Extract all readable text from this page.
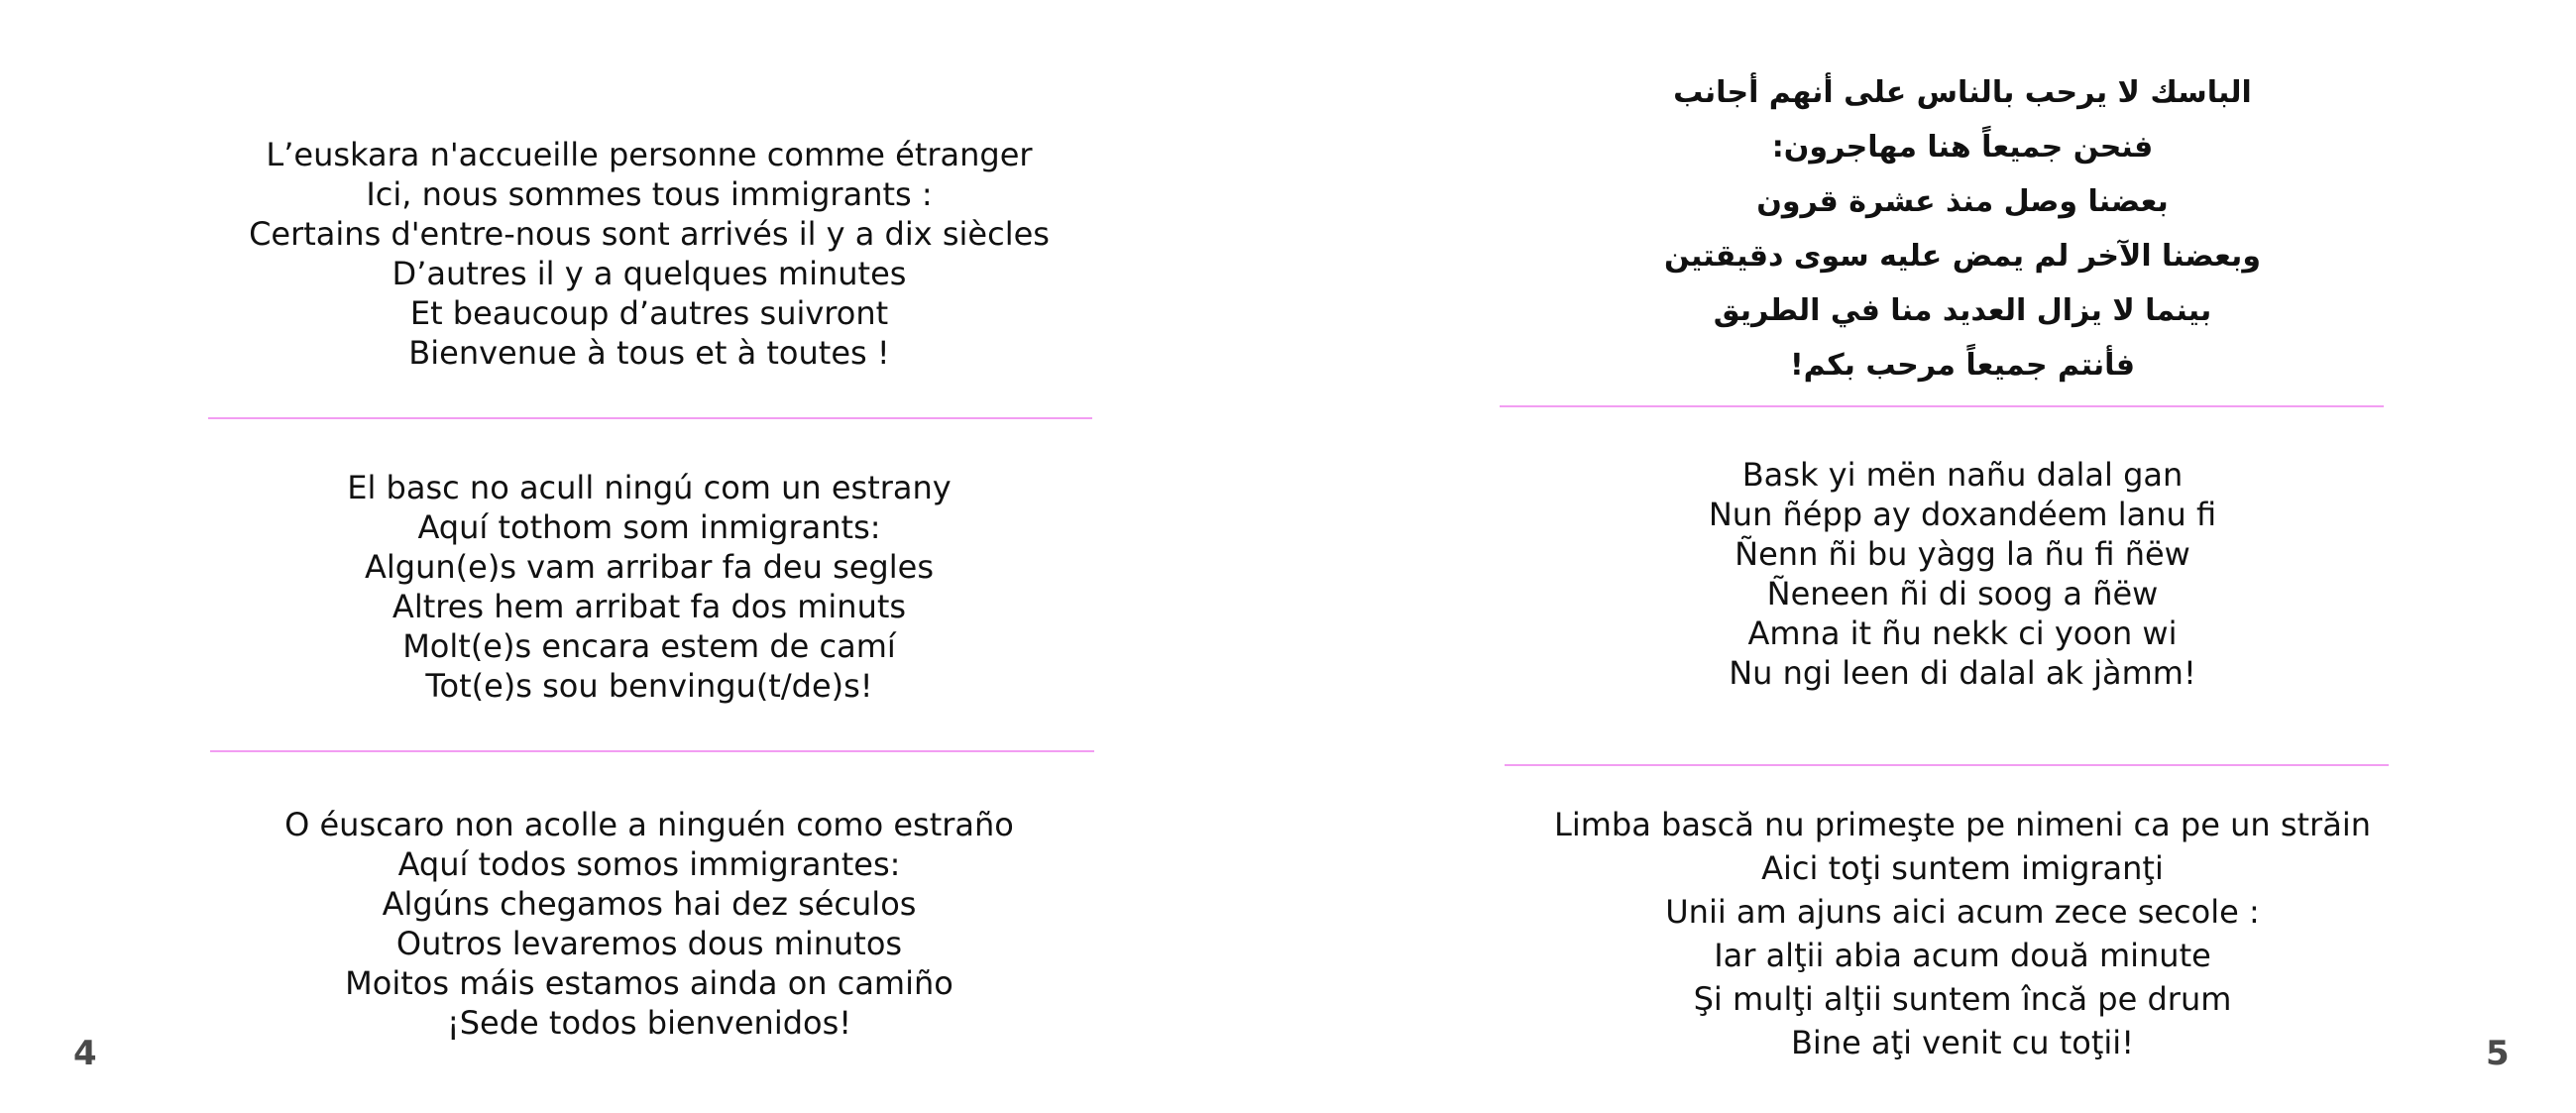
L’euskara n'accueille personne comme étranger
Ici, nous sommes tous immigrants :
Certains d'entre-nous sont arrivés il y a dix siècles
D’autres il y a quelques minutes
Et beaucoup d’autres suivront
Bienvenue à tous et à toutes !
El basc no acull ningú com un estrany
Aquí tothom som inmigrants:
Algun(e)s vam arribar fa deu segles
Altres hem arribat fa dos minuts
Molt(e)s encara estem de camí
Tot(e)s sou benvingu(t/de)s!
O éuscaro non acolle a ninguén como estraño
Aquí todos somos immigrantes:
Algúns chegamos hai dez séculos
Outros levaremos dous minutos
Moitos máis estamos ainda on camiño
¡Sede todos bienvenidos!
4
الباسك لا يرحب بالناس على أنهم أجانب
فنحن جميعاً هنا مهاجرون:
بعضنا وصل منذ عشرة قرون
وبعضنا الآخر لم يمض عليه سوى دقيقتين
بينما لا يزال العديد منا في الطريق
فأنتم جميعاً مرحب بكم!
Bask yi mën nañu dalal gan
Nun ñépp ay doxandéem lanu fi
Ñenn ñi bu yàgg la ñu fi ñëw
Ñeneen ñi di soog a ñëw
Amna it ñu nekk ci yoon wi
Nu ngi leen di dalal ak jàmm!
Limba bască nu primeşte pe nimeni ca pe un străin
Aici toţi suntem imigranţi
Unii am ajuns aici acum zece secole :
Iar alţii abia acum două minute
Şi mulţi alţii suntem încă pe drum
Bine aţi venit cu toţii!	5
